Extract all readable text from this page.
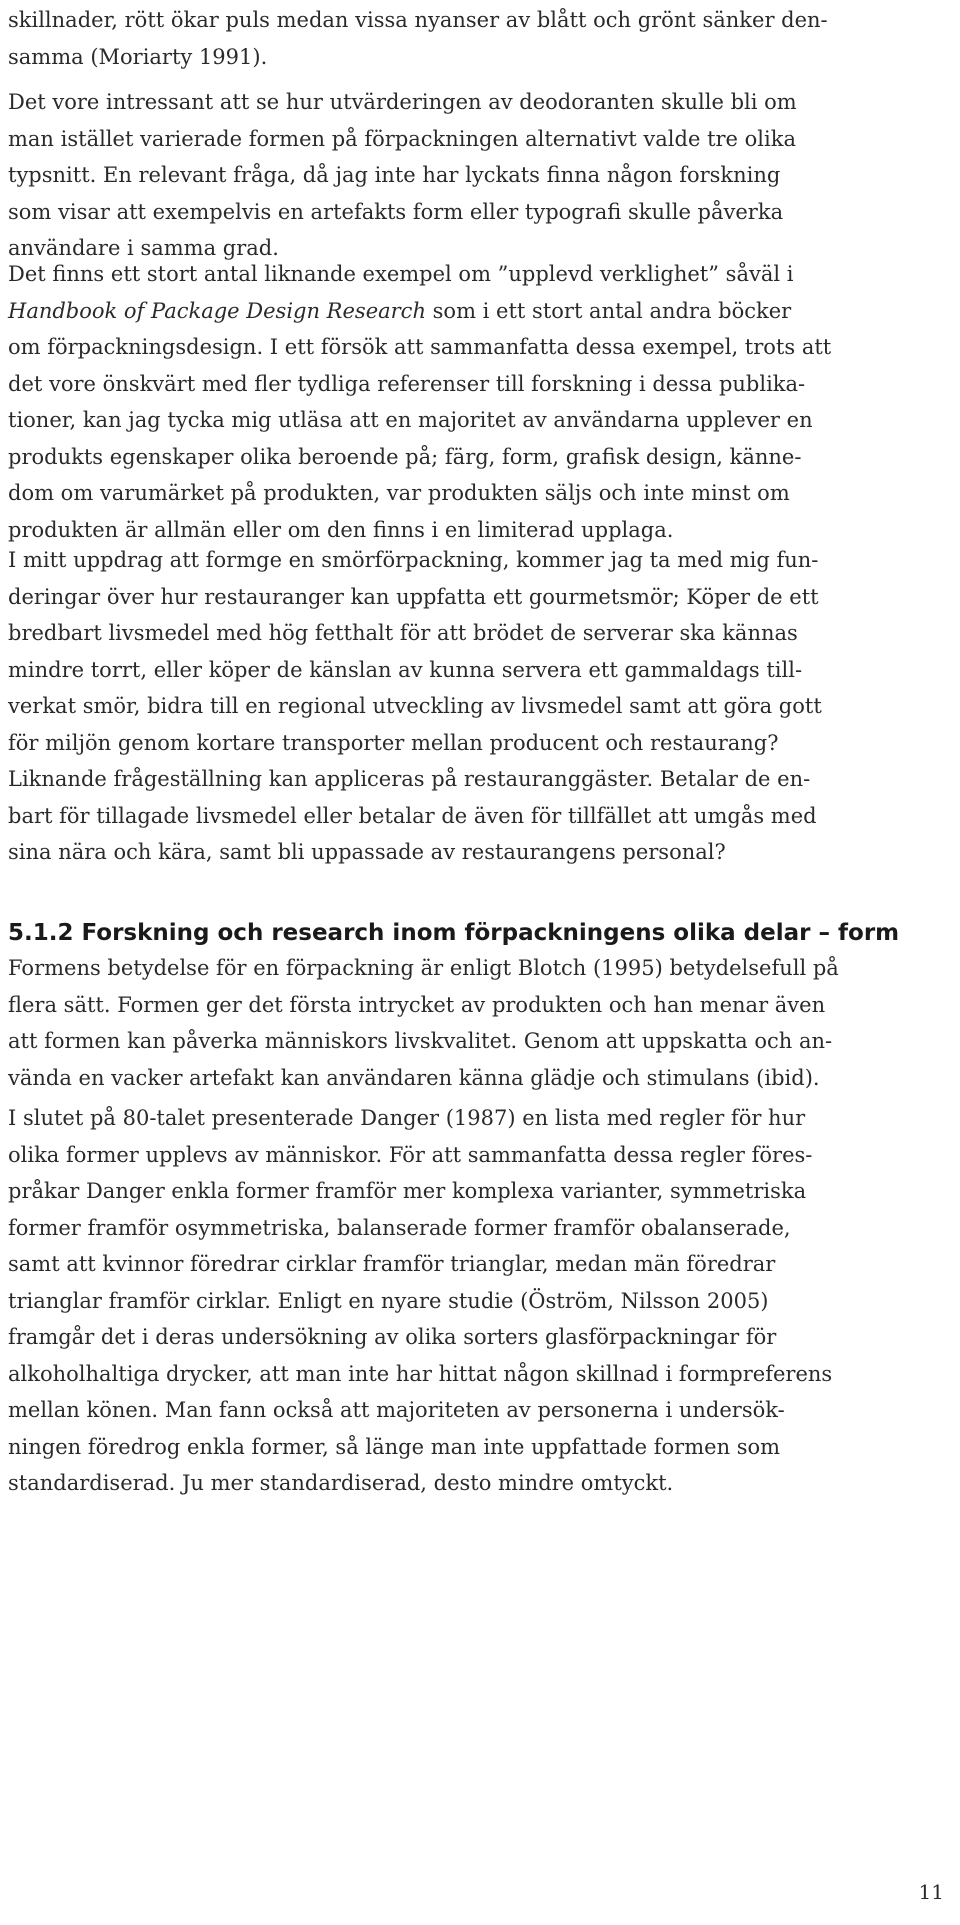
skillnader, rött ökar puls medan vissa nyanser av blått och grönt sänker den-
samma (Moriarty 1991).

Det vore intressant att se hur utvärderingen av deodoranten skulle bli om
man istället varierade formen på förpackningen alternativt valde tre olika
typsnitt. En relevant fråga, då jag inte har lyckats finna någon forskning
som visar att exempelvis en artefakts form eller typografi skulle påverka
användare i samma grad.

Det finns ett stort antal liknande exempel om ”upplevd verklighet” såväl i
Handbook of Package Design Research som i ett stort antal andra böcker
om förpackningsdesign. I ett försök att sammanfatta dessa exempel, trots att
det vore önskvärt med fler tydliga referenser till forskning i dessa publika-
tioner, kan jag tycka mig utläsa att en majoritet av användarna upplever en
produkts egenskaper olika beroende på; färg, form, grafisk design, känne-
dom om varumärket på produkten, var produkten säljs och inte minst om
produkten är allmän eller om den finns i en limiterad upplaga.

I mitt uppdrag att formge en smörförpackning, kommer jag ta med mig fun-
deringar över hur restauranger kan uppfatta ett gourmetsmör; Köper de ett
bredbart livsmedel med hög fetthalt för att brödet de serverar ska kännas
mindre torrt, eller köper de känslan av kunna servera ett gammaldags till-
verkat smör, bidra till en regional utveckling av livsmedel samt att göra gott
för miljön genom kortare transporter mellan producent och restaurang?
Liknande frågeställning kan appliceras på restauranggäster. Betalar de en-
bart för tillagade livsmedel eller betalar de även för tillfället att umgås med
sina nära och kära, samt bli uppassade av restaurangens personal?

5.1.2 Forskning och research inom förpackningens olika delar – form

Formens betydelse för en förpackning är enligt Blotch (1995) betydelsefull på
flera sätt. Formen ger det första intrycket av produkten och han menar även
att formen kan påverka människors livskvalitet. Genom att uppskatta och an-
vända en vacker artefakt kan användaren känna glädje och stimulans (ibid).

I slutet på 80-talet presenterade Danger (1987) en lista med regler för hur
olika former upplevs av människor. För att sammanfatta dessa regler föres-
pråkar Danger enkla former framför mer komplexa varianter, symmetriska
former framför osymmetriska, balanserade former framför obalanserade,
samt att kvinnor föredrar cirklar framför trianglar, medan män föredrar
trianglar framför cirklar. Enligt en nyare studie (Öström, Nilsson 2005)
framgår det i deras undersökning av olika sorters glasförpackningar för
alkoholhaltiga drycker, att man inte har hittat någon skillnad i formpreferens
mellan könen. Man fann också att majoriteten av personerna i undersök-
ningen föredrog enkla former, så länge man inte uppfattade formen som
standardiserad. Ju mer standardiserad, desto mindre omtyckt.

11
